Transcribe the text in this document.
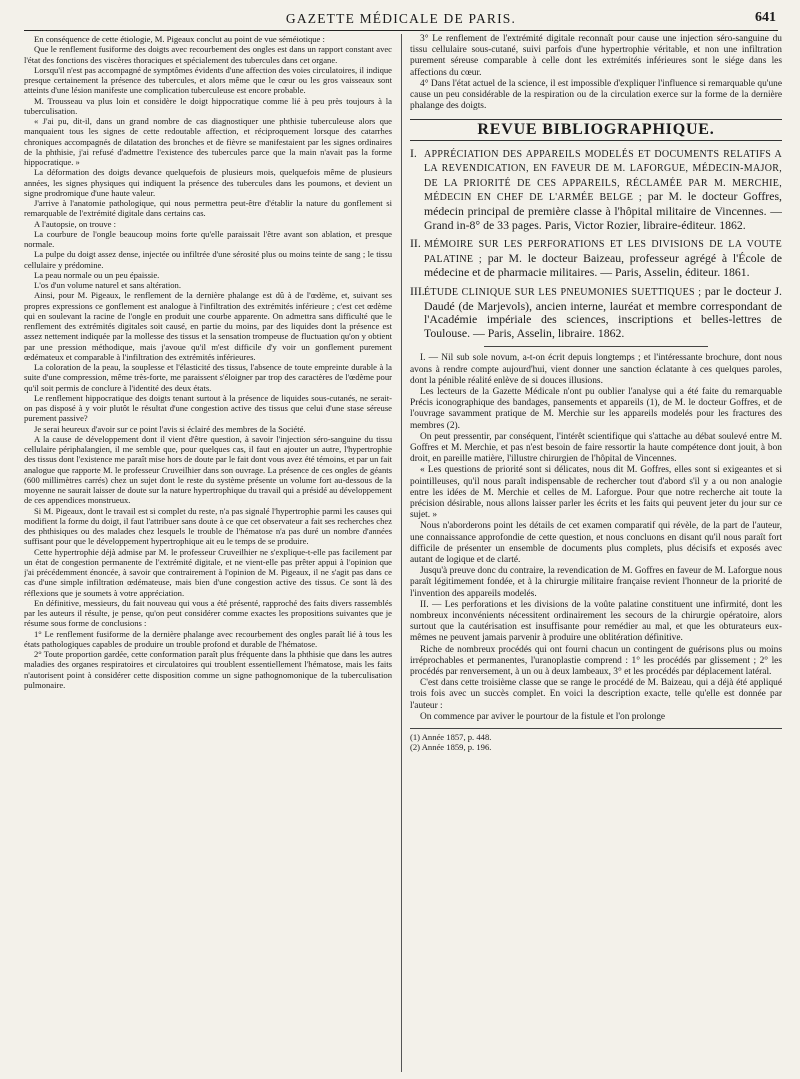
GAZETTE MÉDICALE DE PARIS.	641

En conséquence de cette étiologie, M. Pigeaux conclut au point de vue séméiotique :

Que le renflement fusiforme des doigts avec recourbement des ongles est dans un rapport constant avec l'état des fonctions des viscères thoraciques et spécialement des tubercules dans cet organe.

Lorsqu'il n'est pas accompagné de symptômes évidents d'une affection des voies circulatoires, il indique presque certainement la présence des tubercules, et alors même que le cœur ou les gros vaisseaux sont atteints d'une lésion manifeste une complication tuberculeuse est encore probable.

M. Trousseau va plus loin et considère le doigt hippocratique comme lié à peu près toujours à la tuberculisation.

« J'ai pu, dit-il, dans un grand nombre de cas diagnostiquer une phthisie tuberculeuse alors que manquaient tous les signes de cette redoutable affection, et réciproquement lorsque des catarrhes chroniques accompagnés de dilatation des bronches et de fièvre se manifestaient par les signes ordinaires de la phthisie, j'ai refusé d'admettre l'existence des tubercules parce que la main n'avait pas la forme hippocratique. »

La déformation des doigts devance quelquefois de plusieurs mois, quelquefois même de plusieurs années, les signes physiques qui indiquent la présence des tubercules dans les poumons, et devient un signe prodromique d'une haute valeur.

J'arrive à l'anatomie pathologique, qui nous permettra peut-être d'établir la nature du gonflement si remarquable de l'extrémité digitale dans certains cas.

A l'autopsie, on trouve :

La courbure de l'ongle beaucoup moins forte qu'elle paraissait l'être avant son ablation, et presque normale.

La pulpe du doigt assez dense, injectée ou infiltrée d'une sérosité plus ou moins teinte de sang ; le tissu cellulaire y prédomine.

La peau normale ou un peu épaissie.

L'os d'un volume naturel et sans altération.

Ainsi, pour M. Pigeaux, le renflement de la dernière phalange est dû à de l'œdème, et, suivant ses propres expressions ce gonflement est analogue à l'infiltration des extrémités inférieure ; c'est cet œdème qui en soulevant la racine de l'ongle en produit une courbe apparente. On admettra sans difficulté que le renflement des extrémités digitales soit causé, en partie du moins, par des liquides dont la présence est assez nettement indiquée par la mollesse des tissus et la sensation trompeuse de fluctuation qu'on y obtient par une pression méthodique, mais j'avoue qu'il m'est difficile d'y voir un gonflement purement œdémateux et comparable à l'infiltration des extrémités inférieures.

La coloration de la peau, la souplesse et l'élasticité des tissus, l'absence de toute empreinte durable à la suite d'une compression, même très-forte, me paraissent s'éloigner par trop des caractères de l'œdème pour qu'il soit permis de conclure à l'identité des deux états.

Le renflement hippocratique des doigts tenant surtout à la présence de liquides sous-cutanés, ne serait-on pas disposé à y voir plutôt le résultat d'une congestion active des tissus que celui d'une stase séreuse purement passive?

Je serai heureux d'avoir sur ce point l'avis si éclairé des membres de la Société.

A la cause de développement dont il vient d'être question, à savoir l'injection séro-sanguine du tissu cellulaire périphalangien, il me semble que, pour quelques cas, il faut en ajouter un autre, l'hypertrophie des tissus dont l'existence me paraît mise hors de doute par le fait dont vous avez été témoins, et par un fait analogue que rapporte M. le professeur Cruveilhier dans son ouvrage. La présence de ces ongles de géants (600 millimètres carrés) chez un sujet dont le reste du système présente un volume fort au-dessous de la moyenne ne saurait laisser de doute sur la nature hypertrophique du travail qui a présidé au développement de ces appendices monstrueux.

Si M. Pigeaux, dont le travail est si complet du reste, n'a pas signalé l'hypertrophie parmi les causes qui modifient la forme du doigt, il faut l'attribuer sans doute à ce que cet observateur a fait ses recherches chez des phthisiques ou des malades chez lesquels le trouble de l'hématose n'a pas duré un nombre d'années suffisant pour que le développement hypertrophique ait eu le temps de se produire.

Cette hypertrophie déjà admise par M. le professeur Cruveilhier ne s'explique-t-elle pas facilement par un état de congestion permanente de l'extrémité digitale, et ne vient-elle pas prêter appui à l'opinion que j'ai précédemment énoncée, à savoir que contrairement à l'opinion de M. Pigeaux, il ne s'agit pas dans ce cas d'une simple infiltration œdémateuse, mais bien d'une congestion active des tissus. Ce sont là des réflexions que je soumets à votre appréciation.

En définitive, messieurs, du fait nouveau qui vous a été présenté, rapproché des faits divers rassemblés par les auteurs il résulte, je pense, qu'on peut considérer comme exactes les propositions suivantes que je résume sous forme de conclusions :

1° Le renflement fusiforme de la dernière phalange avec recourbement des ongles paraît lié à tous les états pathologiques capables de produire un trouble profond et durable de l'hématose.

2° Toute proportion gardée, cette conformation paraît plus fréquente dans la phthisie que dans les autres maladies des organes respiratoires et circulatoires qui troublent essentiellement l'hématose, mais les faits n'autorisent point à considérer cette disposition comme un signe pathognomonique de la tuberculisation pulmonaire.

3° Le renflement de l'extrémité digitale reconnaît pour cause une injection séro-sanguine du tissu cellulaire sous-cutané, suivi parfois d'une hypertrophie véritable, et non une infiltration purement séreuse comparable à celle dont les extrémités inférieures sont le siége dans les affections du cœur.

4° Dans l'état actuel de la science, il est impossible d'expliquer l'influence si remarquable qu'une cause un peu considérable de la respiration ou de la circulation exerce sur la forme de la dernière phalange des doigts.

REVUE BIBLIOGRAPHIQUE.

I. APPRÉCIATION DES APPAREILS MODELÉS ET DOCUMENTS RELATIFS A LA REVENDICATION, EN FAVEUR DE M. LAFORGUE, MÉDECIN-MAJOR, DE LA PRIORITÉ DE CES APPAREILS, RÉCLAMÉE PAR M. MERCHIE, MÉDECIN EN CHEF DE L'ARMÉE BELGE ; par M. le docteur Goffres, médecin principal de première classe à l'hôpital militaire de Vincennes. — Grand in-8° de 33 pages. Paris, Victor Rozier, libraire-éditeur. 1862.

II. MÉMOIRE SUR LES PERFORATIONS ET LES DIVISIONS DE LA VOUTE PALATINE ; par M. le docteur Baizeau, professeur agrégé à l'École de médecine et de pharmacie militaires. — Paris, Asselin, éditeur. 1861.

III. ÉTUDE CLINIQUE SUR LES PNEUMONIES SUETTIQUES ; par le docteur J. Daudé (de Marjevols), ancien interne, lauréat et membre correspondant de l'Académie impériale des sciences, inscriptions et belles-lettres de Toulouse. — Paris, Asselin, libraire. 1862.

I. — Nil sub sole novum, a-t-on écrit depuis longtemps ; et l'intéressante brochure, dont nous avons à rendre compte aujourd'hui, vient donner une sanction éclatante à ces quelques paroles, dont la pénible réalité enlève de si douces illusions.

Les lecteurs de la Gazette Médicale n'ont pu oublier l'analyse qui a été faite du remarquable Précis iconographique des bandages, pansements et appareils (1), de M. le docteur Goffres, et de l'ouvrage savamment pratique de M. Merchie sur les appareils modelés pour les fractures des membres (2).

On peut pressentir, par conséquent, l'intérêt scientifique qui s'attache au débat soulevé entre M. Goffres et M. Merchie, et pas n'est besoin de faire ressortir la haute compétence dont jouit, à bon droit, en pareille matière, l'illustre chirurgien de l'hôpital de Vincennes.

« Les questions de priorité sont si délicates, nous dit M. Goffres, elles sont si exigeantes et si pointilleuses, qu'il nous paraît indispensable de rechercher tout d'abord s'il y a ou non analogie entre les idées de M. Merchie et celles de M. Laforgue. Pour que notre recherche ait toute la précision désirable, nous allons laisser parler les écrits et les faits qui peuvent jeter du jour sur ce sujet. »

Nous n'aborderons point les détails de cet examen comparatif qui révèle, de la part de l'auteur, une connaissance approfondie de cette question, et nous concluons en disant qu'il nous paraît fort difficile de présenter un ensemble de documents plus complets, plus décisifs et exposés avec autant de logique et de clarté.

Jusqu'à preuve donc du contraire, la revendication de M. Goffres en faveur de M. Laforgue nous paraît légitimement fondée, et à la chirurgie militaire française revient l'honneur de la priorité de l'invention des appareils modelés.

II. — Les perforations et les divisions de la voûte palatine constituent une infirmité, dont les nombreux inconvénients nécessitent ordinairement les secours de la chirurgie opératoire, alors surtout que la cautérisation est insuffisante pour remédier au mal, et que les obturateurs eux-mêmes ne peuvent jamais parvenir à produire une oblitération définitive.

Riche de nombreux procédés qui ont fourni chacun un contingent de guérisons plus ou moins irréprochables et permanentes, l'uranoplastie comprend : 1° les procédés par glissement ; 2° les procédés par renversement, à un ou à deux lambeaux, 3° et les procédés par déplacement latéral.

C'est dans cette troisième classe que se range le procédé de M. Baizeau, qui a déjà été appliqué trois fois avec un succès complet. En voici la description exacte, telle qu'elle est donnée par l'auteur :

On commence par aviver le pourtour de la fistule et l'on prolonge

(1) Année 1857, p. 448.

(2) Année 1859, p. 196.
